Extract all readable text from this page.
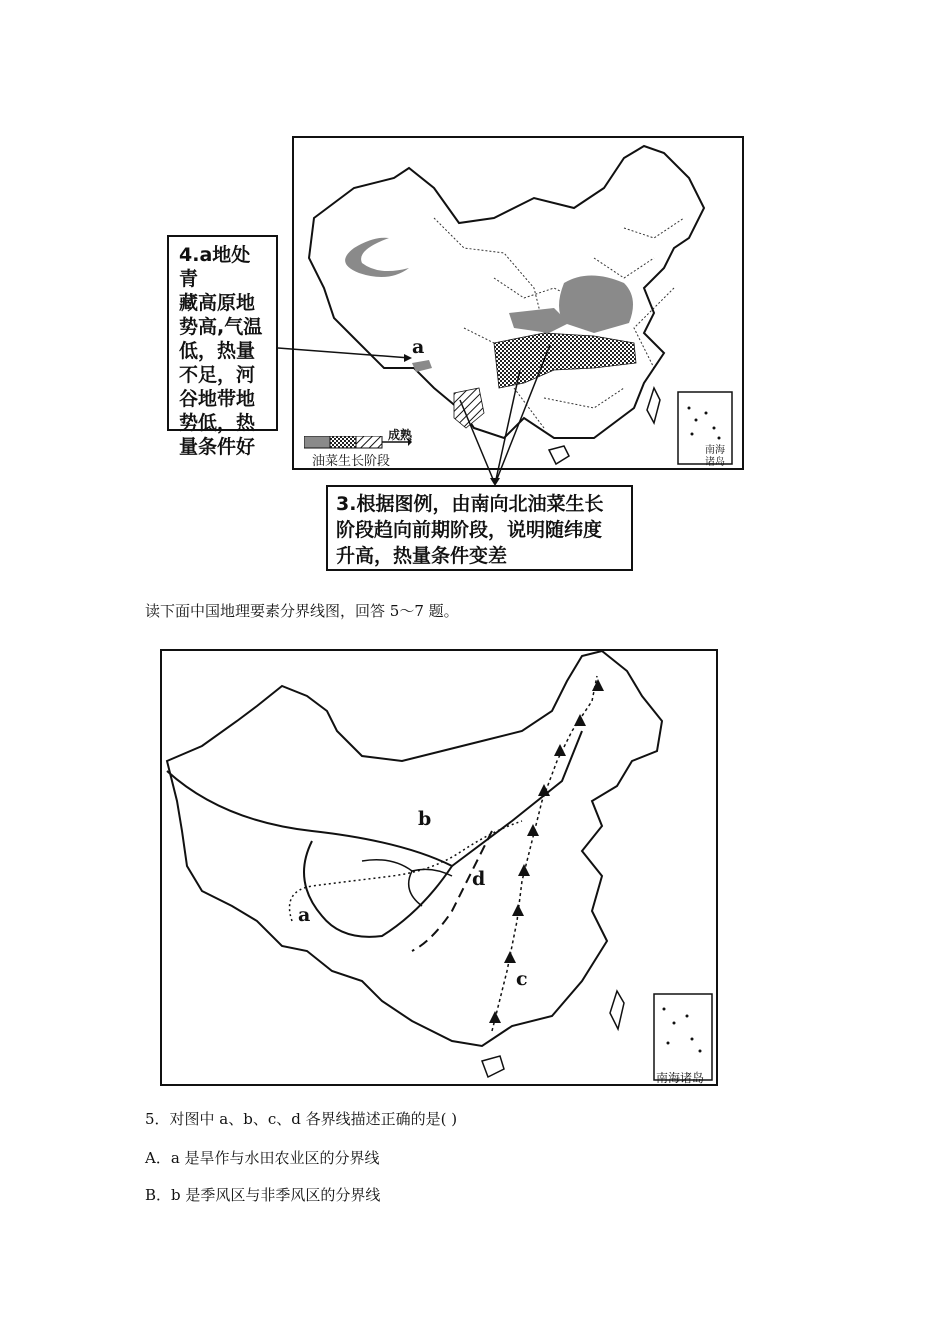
a
南海
诸岛
成熟
油菜生长阶段
4.a地处青
藏高原地
势高,气温
低，热量
不足，河
谷地带地
势低，热
量条件好
3.根据图例，由南向北油菜生长
阶段趋向前期阶段，说明随纬度
升高，热量条件变差
读下面中国地理要素分界线图，回答 5～7 题。
a
b
c
d
南海诸岛
5．对图中 a、b、c、d 各界线描述正确的是( )
A．a 是旱作与水田农业区的分界线
B．b 是季风区与非季风区的分界线
